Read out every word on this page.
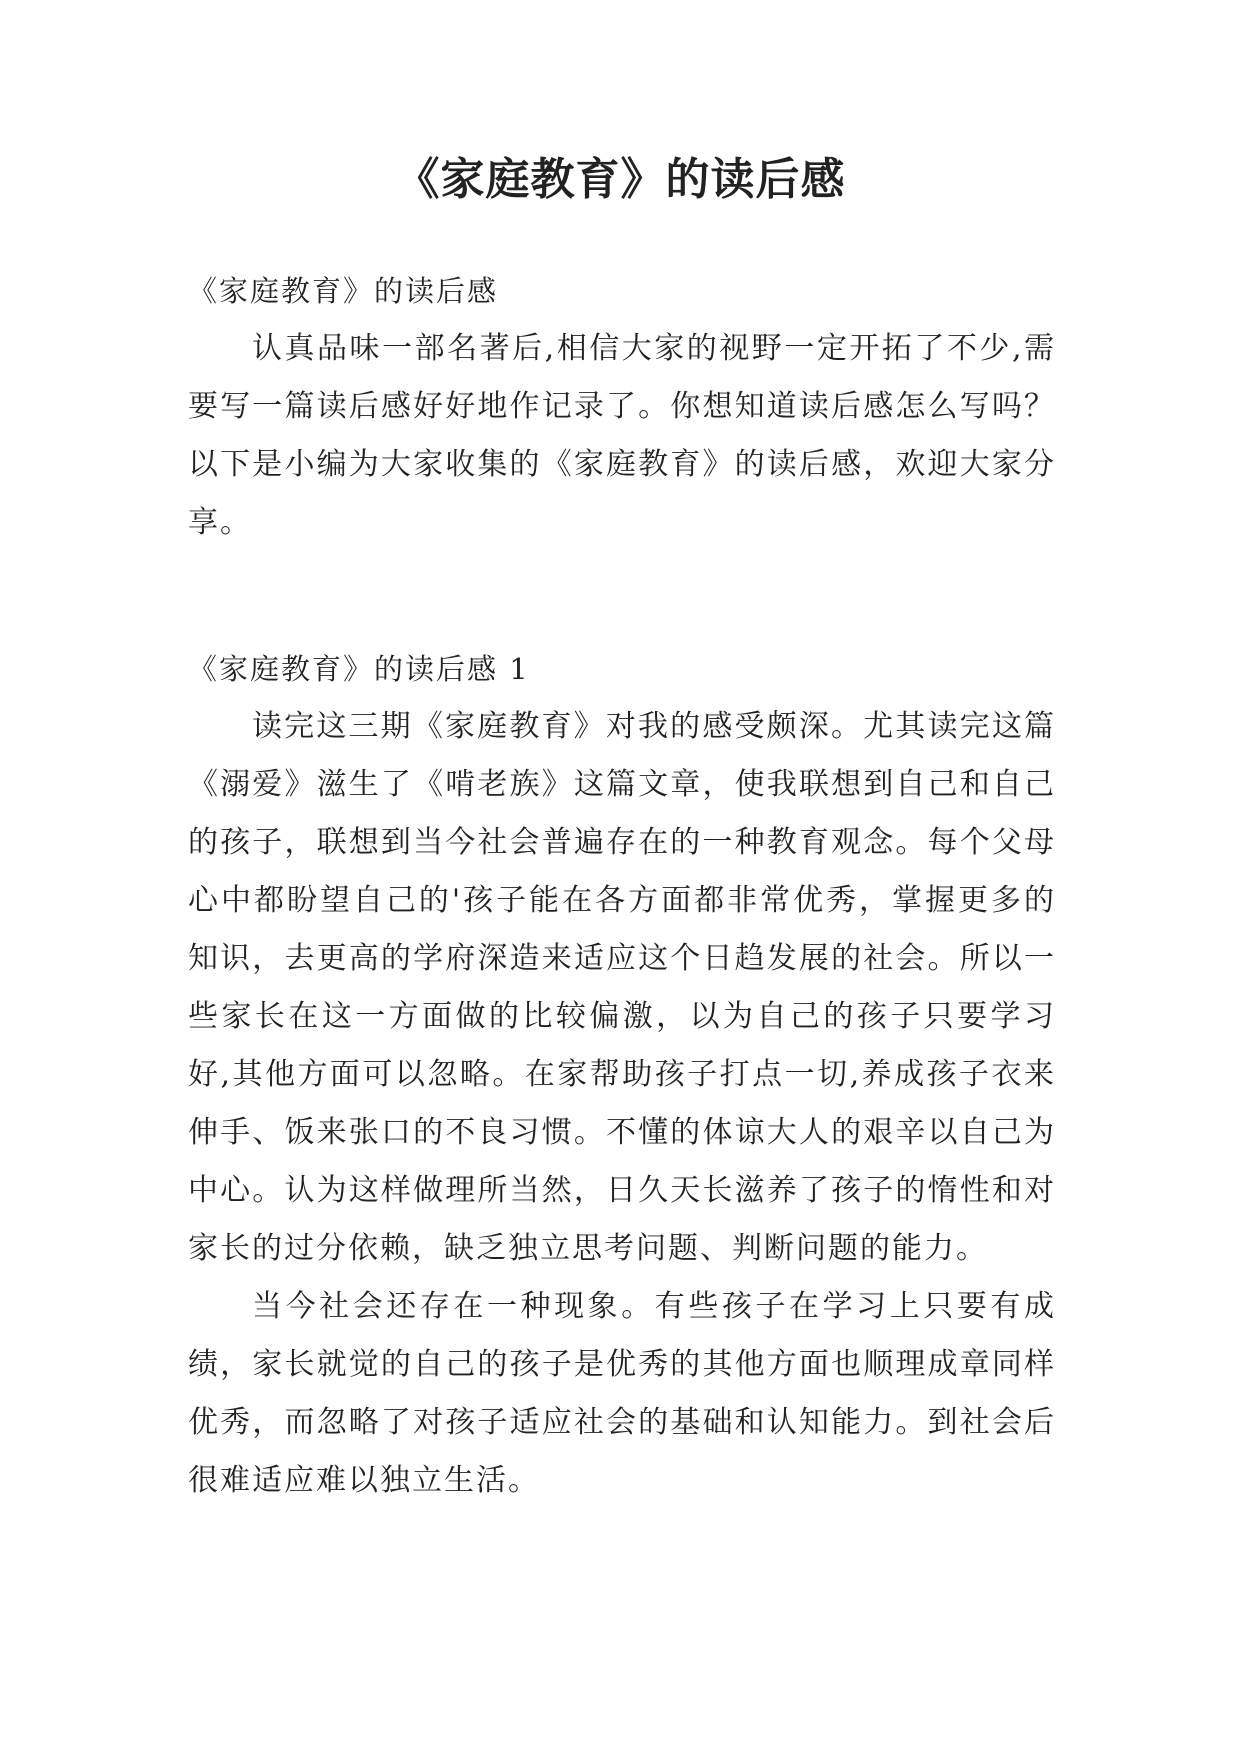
《家庭教育》的读后感

《家庭教育》的读后感

认真品味一部名著后,相信大家的视野一定开拓了不少,需要写一篇读后感好好地作记录了。你想知道读后感怎么写吗？以下是小编为大家收集的《家庭教育》的读后感，欢迎大家分享。

《家庭教育》的读后感 1

读完这三期《家庭教育》对我的感受颇深。尤其读完这篇《溺爱》滋生了《啃老族》这篇文章，使我联想到自己和自己的孩子，联想到当今社会普遍存在的一种教育观念。每个父母心中都盼望自己的'孩子能在各方面都非常优秀，掌握更多的知识，去更高的学府深造来适应这个日趋发展的社会。所以一些家长在这一方面做的比较偏激，以为自己的孩子只要学习好,其他方面可以忽略。在家帮助孩子打点一切,养成孩子衣来伸手、饭来张口的不良习惯。不懂的体谅大人的艰辛以自己为中心。认为这样做理所当然，日久天长滋养了孩子的惰性和对家长的过分依赖，缺乏独立思考问题、判断问题的能力。

当今社会还存在一种现象。有些孩子在学习上只要有成绩，家长就觉的自己的孩子是优秀的其他方面也顺理成章同样优秀，而忽略了对孩子适应社会的基础和认知能力。到社会后很难适应难以独立生活。
